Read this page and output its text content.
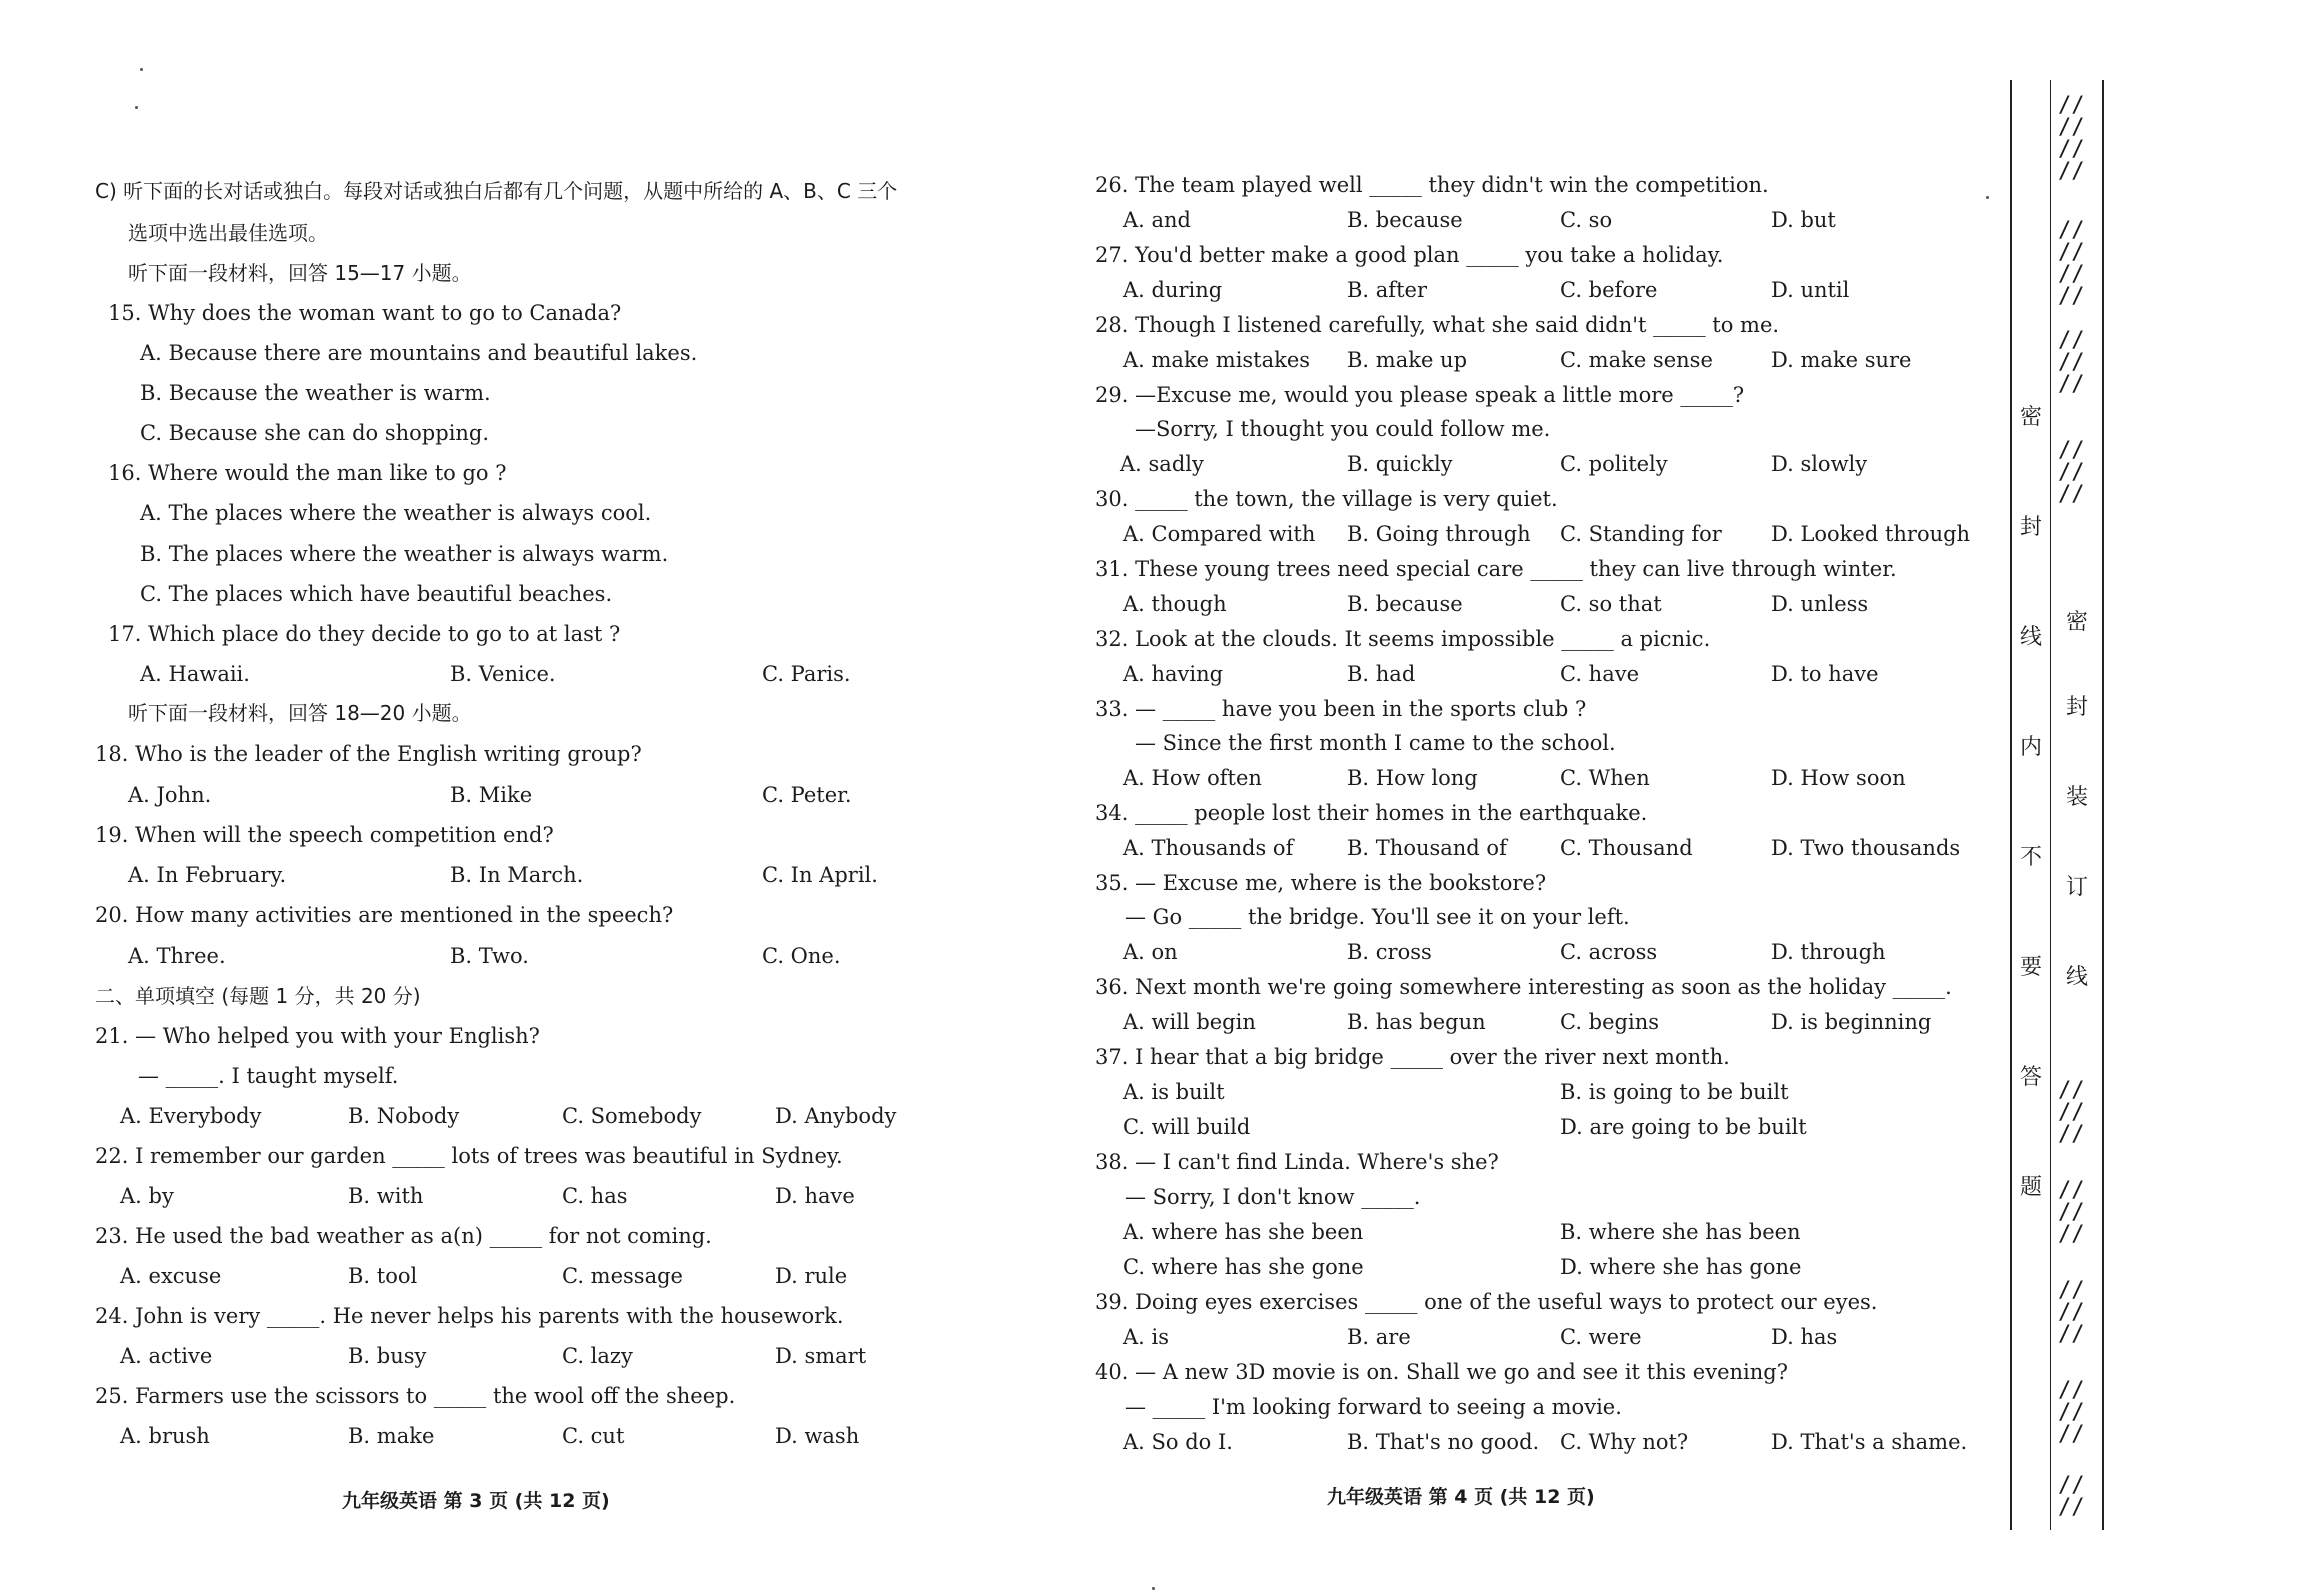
C) 听下面的长对话或独白。每段对话或独白后都有几个问题，从题中所给的 A、B、C 三个
选项中选出最佳选项。
听下面一段材料，回答 15—17 小题。
15. Why does the woman want to go to Canada?
A. Because there are mountains and beautiful lakes.
B. Because the weather is warm.
C. Because she can do shopping.
16. Where would the man like to go ?
A. The places where the weather is always cool.
B. The places where the weather is always warm.
C. The places which have beautiful beaches.
17. Which place do they decide to go to at last ?
A. Hawaii.	B. Venice.	C. Paris.
听下面一段材料，回答 18—20 小题。
18. Who is the leader of the English writing group?
A. John.	B. Mike	C. Peter.
19. When will the speech competition end?
A. In February.	B. In March.	C. In April.
20. How many activities are mentioned in the speech?
A. Three.	B. Two.	C. One.
二、单项填空 (每题 1 分，共 20 分)
21. — Who helped you with your English?
— _____. I taught myself.
A. Everybody	B. Nobody	C. Somebody	D. Anybody
22. I remember our garden _____ lots of trees was beautiful in Sydney.
A. by	B. with	C. has	D. have
23. He used the bad weather as a(n) _____ for not coming.
A. excuse	B. tool	C. message	D. rule
24. John is very _____. He never helps his parents with the housework.
A. active	B. busy	C. lazy	D. smart
25. Farmers use the scissors to _____ the wool off the sheep.
A. brush	B. make	C. cut	D. wash
九年级英语 第 3 页 (共 12 页)
26. The team played well _____ they didn't win the competition.
A. and	B. because	C. so	D. but
27. You'd better make a good plan _____ you take a holiday.
A. during	B. after	C. before	D. until
28. Though I listened carefully, what she said didn't _____ to me.
A. make mistakes B. make up	C. make sense	D. make sure
29. —Excuse me, would you please speak a little more _____?
—Sorry, I thought you could follow me.
A. sadly	B. quickly	C. politely	D. slowly
30. _____ the town, the village is very quiet.
A. Compared with B. Going through C. Standing for D. Looked through
31. These young trees need special care _____ they can live through winter.
A. though	B. because	C. so that	D. unless
32. Look at the clouds. It seems impossible _____ a picnic.
A. having	B. had	C. have	D. to have
33. — _____ have you been in the sports club ?
— Since the first month I came to the school.
A. How often	B. How long	C. When	D. How soon
34. _____ people lost their homes in the earthquake.
A. Thousands of	B. Thousand of	C. Thousand	D. Two thousands
35. — Excuse me, where is the bookstore?
— Go _____ the bridge. You'll see it on your left.
A. on	B. cross	C. across	D. through
36. Next month we're going somewhere interesting as soon as the holiday _____.
A. will begin	B. has begun	C. begins	D. is beginning
37. I hear that a big bridge _____ over the river next month.
A. is built	B. is going to be built
C. will build	D. are going to be built
38. — I can't find Linda. Where's she?
— Sorry, I don't know _____.
A. where has she been	B. where she has been
C. where has she gone	D. where she has gone
39. Doing eyes exercises _____ one of the useful ways to protect our eyes.
A. is	B. are	C. were	D. has
40. — A new 3D movie is on. Shall we go and see it this evening?
— _____ I'm looking forward to seeing a movie.
A. So do I.	B. That's no good. C. Why not?	D. That's a shame.
九年级英语 第 4 页 (共 12 页)
密
封
线
内
不
要
答
题
密
封
装
订
线
//
//
//
//
//
//
//
//
//
//
//
//
//
//
//
//
//
//
//
//
//
//
//
//
//
//
//
//
